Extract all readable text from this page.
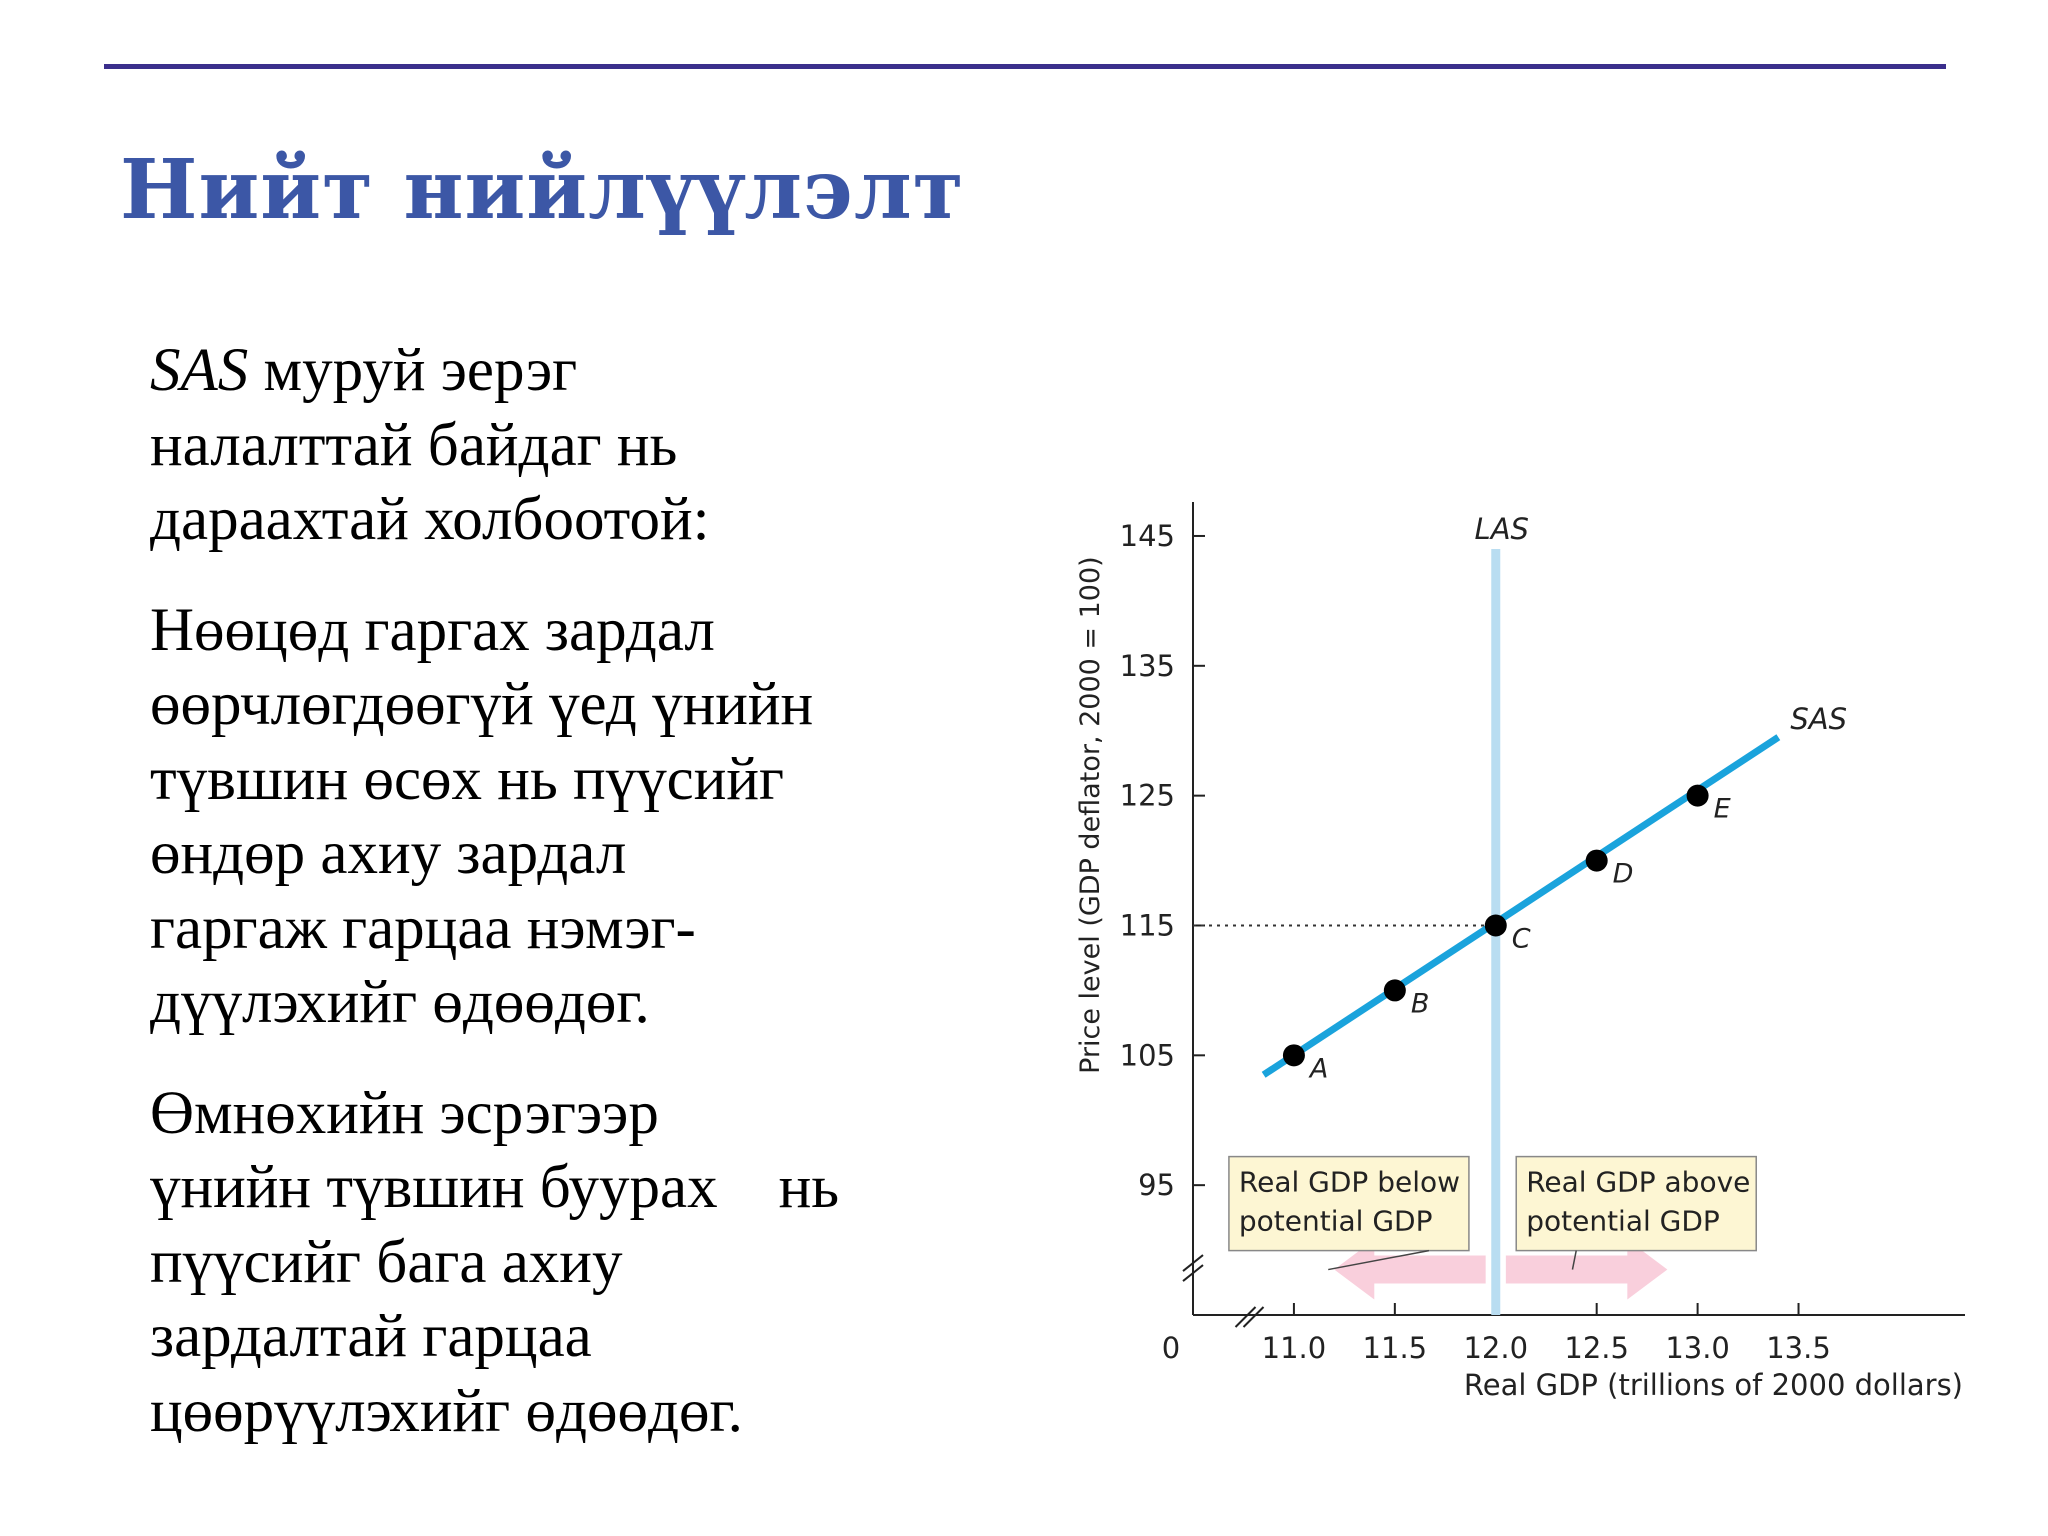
Нийт нийлүүлэлт

SAS муруй эерэг
налалттай байдаг нь
дараахтай холбоотой:

Нөөцөд гаргах зардал
өөрчлөгдөөгүй үед үнийн
түвшин өсөх нь пүүсийг
өндөр ахиу зардал
гаргаж гарцаа нэмэг-
дүүлэхийг өдөөдөг.

Өмнөхийн эсрэгээр
үнийн түвшин буурах    нь
пүүсийг бага ахиу
зардалтай гарцаа
цөөрүүлэхийг өдөөдөг.

95
105
115
125
135
145
11.0 11.5 12.0 12.5 13.0 13.5
0
Real GDP (trillions of 2000 dollars)
Price level (GDP deflator, 2000 = 100)
LAS
SAS
A
B
C
D
E
Real GDP below
potential GDP
Real GDP above
potential GDP
